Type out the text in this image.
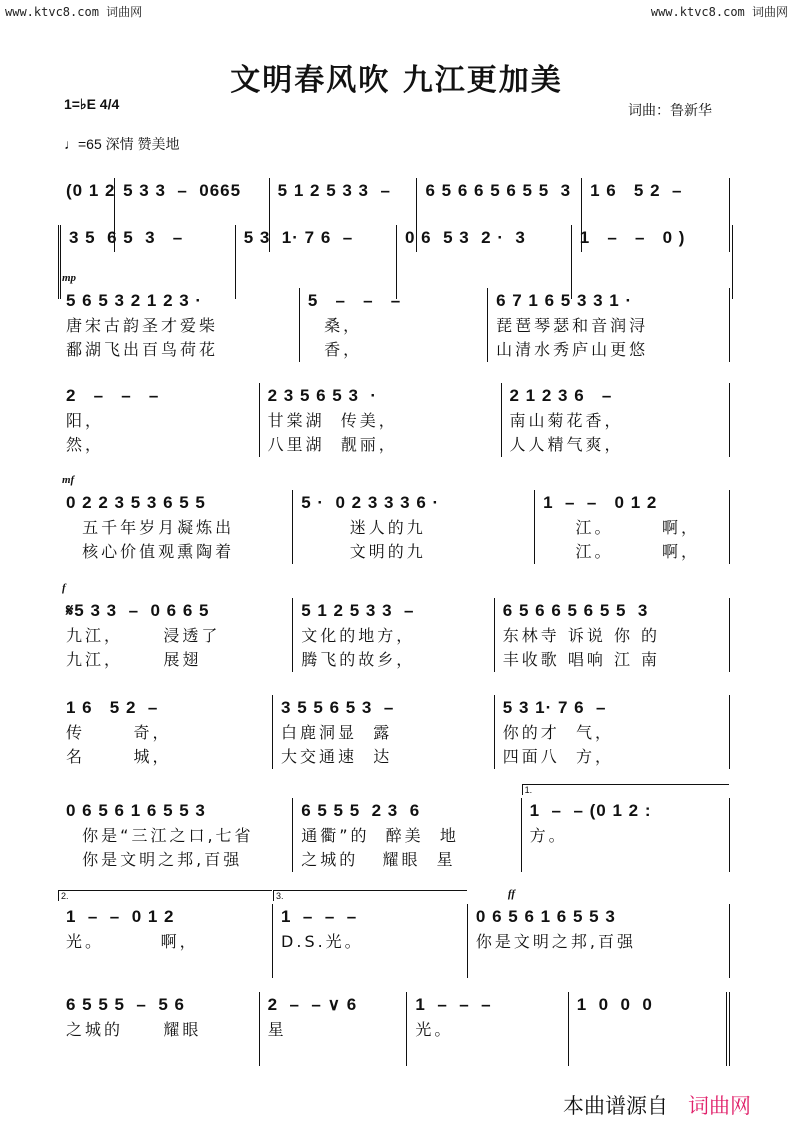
www.ktvc8.com 词曲网	www.ktvc8.com 词曲网
文明春风吹 九江更加美
1=♭E 4/4
♩=65 深情 赞美地
词曲：鲁新华
(0 1 2 5 3 3  –  0665	5 1 2 5 3 3  –	6 5 6 6 5 6 5 5  3	1 6   5 2  –
3 5  6 5  3   –	5 3  1· 7 6  –	0 6  5 3  2 ·  3	1   –   –   0 )
mp
5 6 5 3 2 1 2 3 ·
唐宋古韵圣才爱柴
鄱湖飞出百鸟荷花
5   –   –   –
桑，
香，
6 7 1 6 5 3 3 1 ·
琵琶琴瑟和音润浔
山清水秀庐山更悠
2   –   –   –
阳，
然，
2 3 5 6 5 3  ·
甘棠湖  传美，
八里湖  靓丽，
2 1 2 3 6   –
南山菊花香，
人人精气爽，
mf
0 2 2 3 5 3 6 5 5
五千年岁月凝炼出
核心价值观熏陶着
5 ·  0 2 3 3 3 6 ·
迷人的九
文明的九
1  –  –   0 1 2
江。      啊，
江。      啊，
f
𝄋5 3 3  –  0 6 6 5
九江，     浸透了
九江，     展翅
5 1 2 5 3 3  –
文化的地方，
腾飞的故乡，
6 5 6 6 5 6 5 5  3
东林寺 诉说 你 的
丰收歌 唱响 江 南
1 6   5 2  –
传      奇，
名      城，
3 5 5 6 5 3  –
白鹿洞显  露
大交通速  达
5 3 1· 7 6  –
你的才  气，
四面八  方，
0 6 5 6 1 6 5 5 3
你是“三江之口,七省
你是文明之邦,百强
6 5 5 5  2 3  6
通衢”的  醉美  地
之城的   耀眼  星
1.
1  –  – (0 1 2 :
方。
2.
1  –  –  0 1 2
光。       啊，
3.
1  –  –  –
D.S.光。
ff
0 6 5 6 1 6 5 5 3
你是文明之邦,百强
6 5 5 5  –  5 6
之城的     耀眼
2  –  – ∨ 6
星
1  –  –  –
光。
1  0  0  0
本曲谱源自 词曲网
